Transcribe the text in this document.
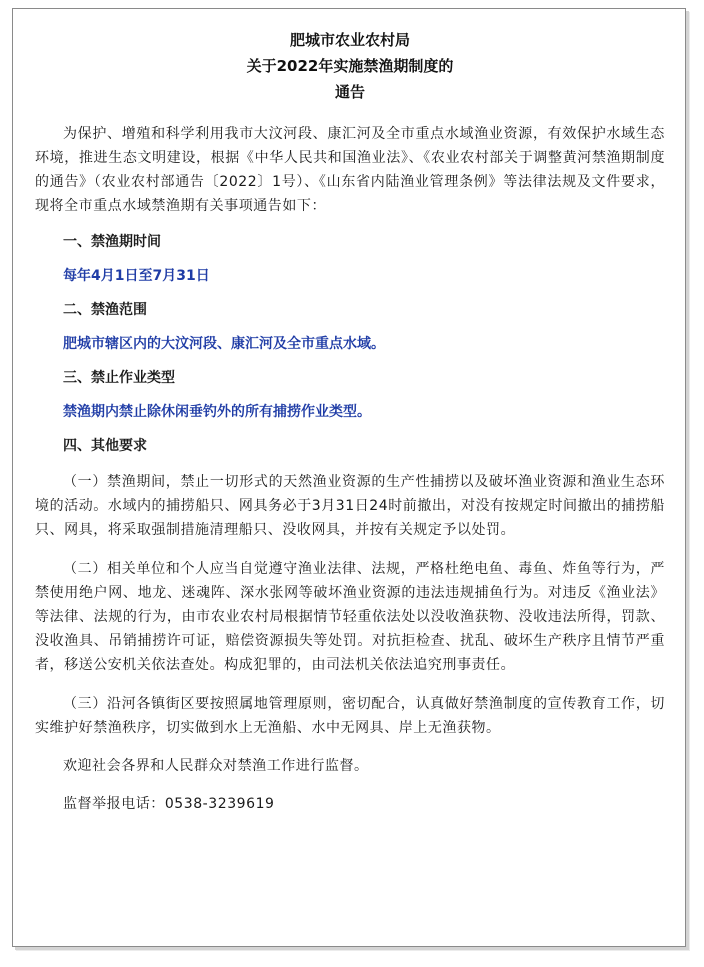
肥城市农业农村局
关于2022年实施禁渔期制度的
通告

为保护、增殖和科学利用我市大汶河段、康汇河及全市重点水域渔业资源，有效保护水域生态环境，推进生态文明建设，根据《中华人民共和国渔业法》、《农业农村部关于调整黄河禁渔期制度的通告》（农业农村部通告〔2022〕1号）、《山东省内陆渔业管理条例》等法律法规及文件要求，现将全市重点水域禁渔期有关事项通告如下：

一、禁渔期时间

每年4月1日至7月31日

二、禁渔范围

肥城市辖区内的大汶河段、康汇河及全市重点水域。

三、禁止作业类型

禁渔期内禁止除休闲垂钓外的所有捕捞作业类型。

四、其他要求

（一）禁渔期间，禁止一切形式的天然渔业资源的生产性捕捞以及破坏渔业资源和渔业生态环境的活动。水域内的捕捞船只、网具务必于3月31日24时前撤出，对没有按规定时间撤出的捕捞船只、网具，将采取强制措施清理船只、没收网具，并按有关规定予以处罚。

（二）相关单位和个人应当自觉遵守渔业法律、法规，严格杜绝电鱼、毒鱼、炸鱼等行为，严禁使用绝户网、地龙、迷魂阵、深水张网等破坏渔业资源的违法违规捕鱼行为。对违反《渔业法》等法律、法规的行为，由市农业农村局根据情节轻重依法处以没收渔获物、没收违法所得，罚款、没收渔具、吊销捕捞许可证，赔偿资源损失等处罚。对抗拒检查、扰乱、破坏生产秩序且情节严重者，移送公安机关依法查处。构成犯罪的，由司法机关依法追究刑事责任。

（三）沿河各镇街区要按照属地管理原则，密切配合，认真做好禁渔制度的宣传教育工作，切实维护好禁渔秩序，切实做到水上无渔船、水中无网具、岸上无渔获物。

欢迎社会各界和人民群众对禁渔工作进行监督。

监督举报电话：0538-3239619
